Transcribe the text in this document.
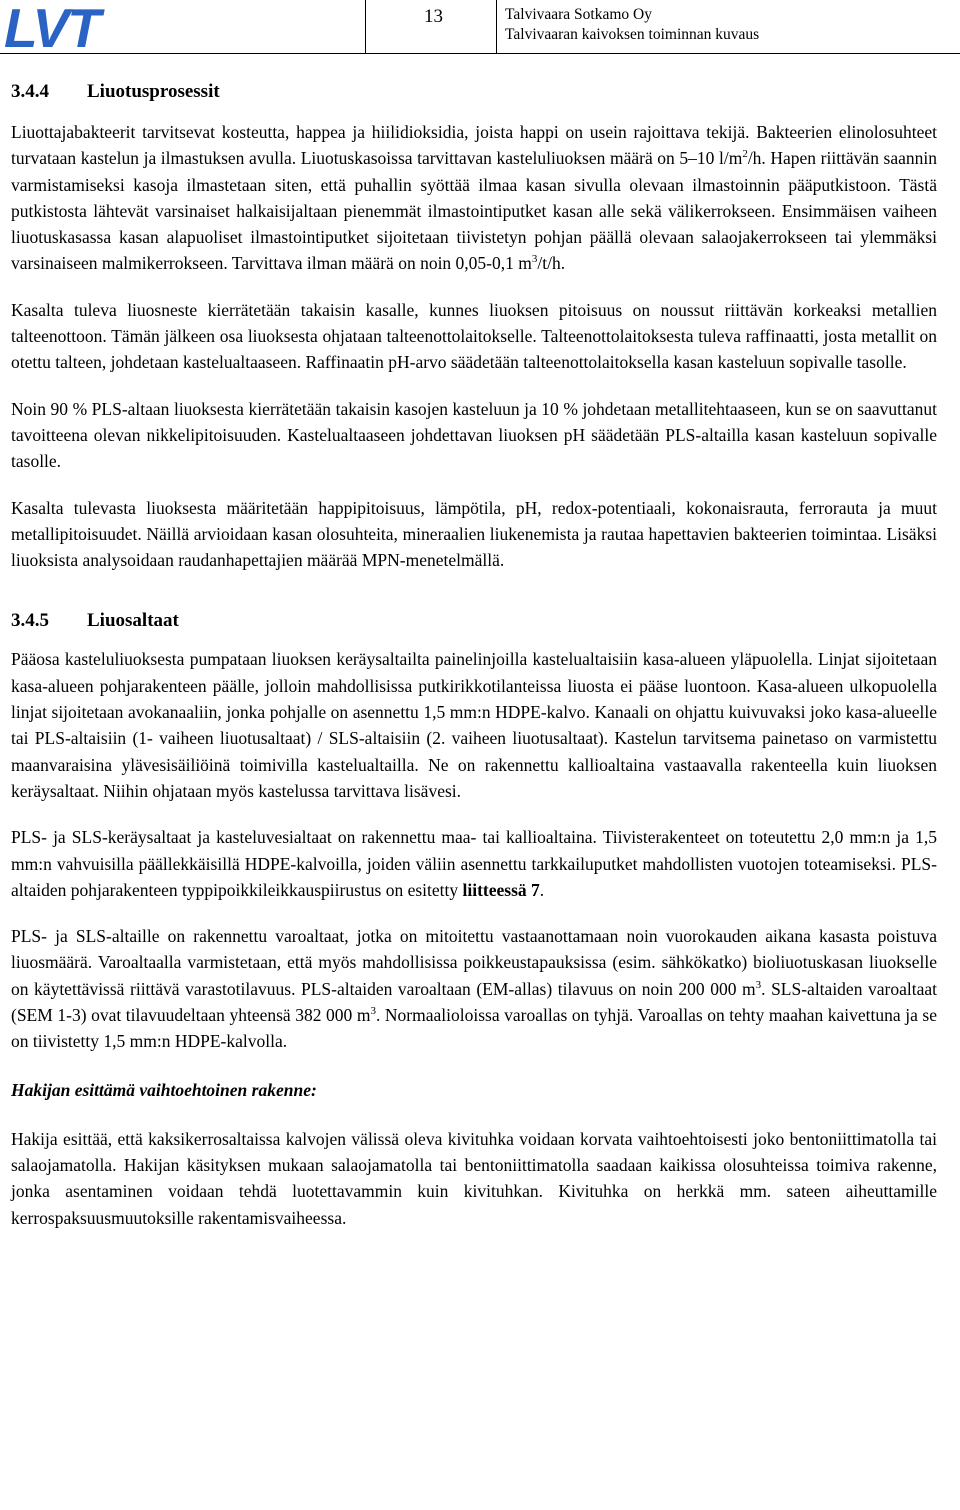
LVT	13	Talvivaara Sotkamo Oy
Talvivaaran kaivoksen toiminnan kuvaus
3.4.4 Liuotusprosessit

Liuottajabakteerit tarvitsevat kosteutta, happea ja hiilidioksidia, joista happi on usein rajoittava tekijä. Bakteerien elinolosuhteet turvataan kastelun ja ilmastuksen avulla. Liuotuskasoissa tarvittavan kasteluliuoksen määrä on 5–10 $l/m^2/h$. Hapen riittävän saannin varmistamiseksi kasoja ilmastetaan siten, että puhallin syöttää ilmaa kasan sivulla olevaan ilmastoinnin pääputkistoon. Tästä putkistosta lähtevät varsinaiset halkaisijaltaan pienemmät ilmastointiputket kasan alle sekä välikerrokseen. Ensimmäisen vaiheen liuotuskasassa kasan alapuoliset ilmastointiputket sijoitetaan tiivistetyn pohjan päällä olevaan salaojakerrokseen tai ylemmäksi varsinaiseen malmikerrokseen. Tarvittava ilman määrä on noin 0,05-0,1 $m^3/t/h$.

Kasalta tuleva liuosneste kierrätetään takaisin kasalle, kunnes liuoksen pitoisuus on noussut riittävän korkeaksi metallien talteenottoon. Tämän jälkeen osa liuoksesta ohjataan talteenottolaitokselle. Talteenottolaitoksesta tuleva raffinaatti, josta metallit on otettu talteen, johdetaan kastelualtaaseen. Raffinaatin pH-arvo säädetään talteenottolaitoksella kasan kasteluun sopivalle tasolle.

Noin 90 % PLS-altaan liuoksesta kierrätetään takaisin kasojen kasteluun ja 10 % johdetaan metallitehtaaseen, kun se on saavuttanut tavoitteena olevan nikkelipitoisuuden. Kastelualtaaseen johdettavan liuoksen pH säädetään PLS-altailla kasan kasteluun sopivalle tasolle.

Kasalta tulevasta liuoksesta määritetään happipitoisuus, lämpötila, pH, redox-potentiaali, kokonaisrauta, ferrorauta ja muut metallipitoisuudet. Näillä arvioidaan kasan olosuhteita, mineraalien liukenemista ja rautaa hapettavien bakteerien toimintaa. Lisäksi liuoksista analysoidaan raudanhapettajien määrää MPN-menetelmällä.

3.4.5 Liuosaltaat

Pääosa kasteluliuoksesta pumpataan liuoksen keräysaltailta painelinjoilla kastelualtaisiin kasa-alueen yläpuolella. Linjat sijoitetaan kasa-alueen pohjarakenteen päälle, jolloin mahdollisissa putkirikkotilanteissa liuosta ei pääse luontoon. Kasa-alueen ulkopuolella linjat sijoitetaan avokanaaliin, jonka pohjalle on asennettu 1,5 mm:n HDPE-kalvo. Kanaali on ohjattu kuivuvaksi joko kasa-alueelle tai PLS-altaisiin (1- vaiheen liuotusaltaat) / SLS-altaisiin (2. vaiheen liuotusaltaat). Kastelun tarvitsema painetaso on varmistettu maanvaraisina ylävesisäiliöinä toimivilla kastelualtailla. Ne on rakennettu kallioaltaina vastaavalla rakenteella kuin liuoksen keräysaltaat. Niihin ohjataan myös kastelussa tarvittava lisävesi.

PLS- ja SLS-keräysaltaat ja kasteluvesialtaat on rakennettu maa- tai kallioaltaina. Tiivisterakenteet on toteutettu 2,0 mm:n ja 1,5 mm:n vahvuisilla päällekkäisillä HDPE-kalvoilla, joiden väliin asennettu tarkkailuputket mahdollisten vuotojen toteamiseksi. PLS-altaiden pohjarakenteen typpipoikkileikkauspiirustus on esitetty liitteessä 7.

PLS- ja SLS-altaille on rakennettu varoaltaat, jotka on mitoitettu vastaanottamaan noin vuorokauden aikana kasasta poistuva liuosmäärä. Varoaltaalla varmistetaan, että myös mahdollisissa poikkeustapauksissa (esim. sähkökatko) bioliuotuskasan liuokselle on käytettävissä riittävä varastotilavuus. PLS-altaiden varoaltaan (EM-allas) tilavuus on noin 200 000 $m^3$. SLS-altaiden varoaltaat (SEM 1-3) ovat tilavuudeltaan yhteensä 382 000 $m^3$. Normaalioloissa varoallas on tyhjä. Varoallas on tehty maahan kaivettuna ja se on tiivistetty 1,5 mm:n HDPE-kalvolla.

Hakijan esittämä vaihtoehtoinen rakenne:

Hakija esittää, että kaksikerrosaltaissa kalvojen välissä oleva kivituhka voidaan korvata vaihtoehtoisesti joko bentoniittimatolla tai salaojamatolla. Hakijan käsityksen mukaan salaojamatolla tai bentoniittimatolla saadaan kaikissa olosuhteissa toimiva rakenne, jonka asentaminen voidaan tehdä luotettavammin kuin kivituhkan. Kivituhka on herkkä mm. sateen aiheuttamille kerrospaksuusmuutoksille rakentamisvaiheessa.
